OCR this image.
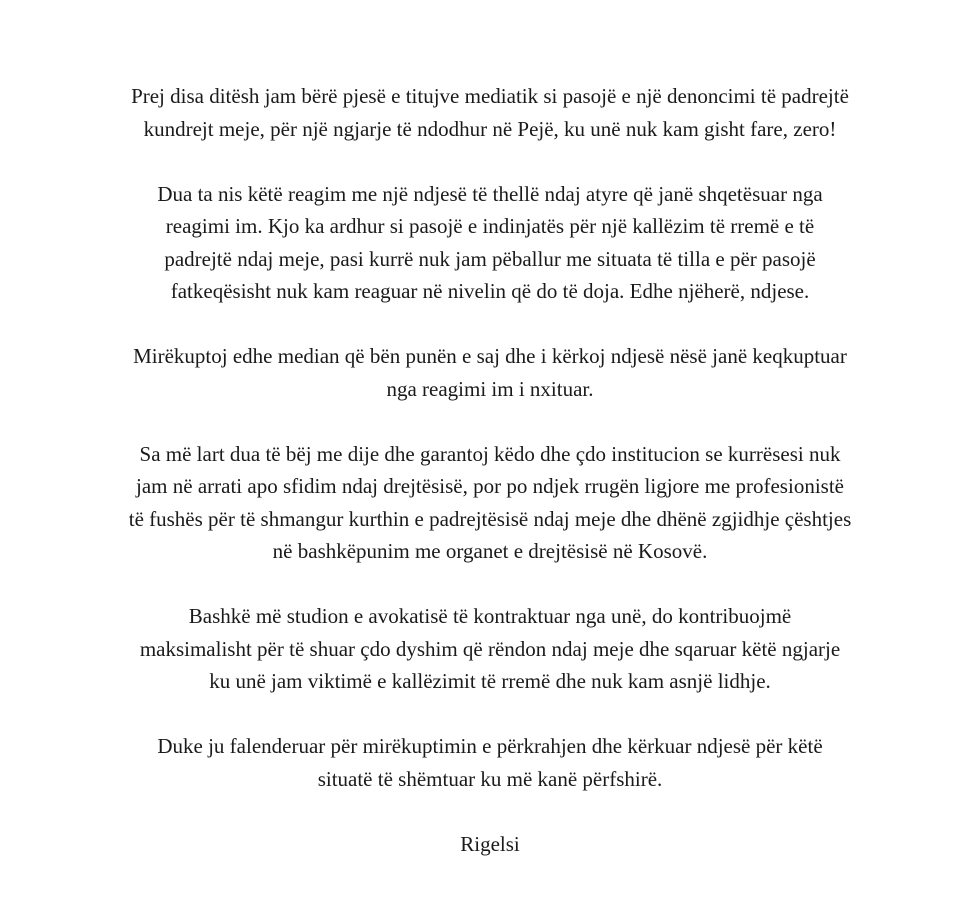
Prej disa ditësh jam bërë pjesë e titujve mediatik si pasojë e një denoncimi të padrejtë
kundrejt meje, për një ngjarje të ndodhur në Pejë, ku unë nuk kam gisht fare, zero!

Dua ta nis këtë reagim me një ndjesë të thellë ndaj atyre që janë shqetësuar nga
reagimi im. Kjo ka ardhur si pasojë e indinjatës për një kallëzim të rremë e të
padrejtë ndaj meje, pasi kurrë nuk jam pëballur me situata të tilla e për pasojë
fatkeqësisht nuk kam reaguar në nivelin që do të doja. Edhe njëherë, ndjese.

Mirëkuptoj edhe median që bën punën e saj dhe i kërkoj ndjesë nësë janë keqkuptuar
nga reagimi im i nxituar.

Sa më lart dua të bëj me dije dhe garantoj këdo dhe çdo institucion se kurrësesi nuk
jam në arrati apo sfidim ndaj drejtësisë, por po ndjek rrugën ligjore me profesionistë
të fushës për të shmangur kurthin e padrejtësisë ndaj meje dhe dhënë zgjidhje çështjes
në bashkëpunim me organet e drejtësisë në Kosovë.

Bashkë më studion e avokatisë të kontraktuar nga unë, do kontribuojmë
maksimalisht për të shuar çdo dyshim që rëndon ndaj meje dhe sqaruar këtë ngjarje
ku unë jam viktimë e kallëzimit të rremë dhe nuk kam asnjë lidhje.

Duke ju falenderuar për mirëkuptimin e përkrahjen dhe kërkuar ndjesë për këtë
situatë të shëmtuar ku më kanë përfshirë.

Rigelsi
